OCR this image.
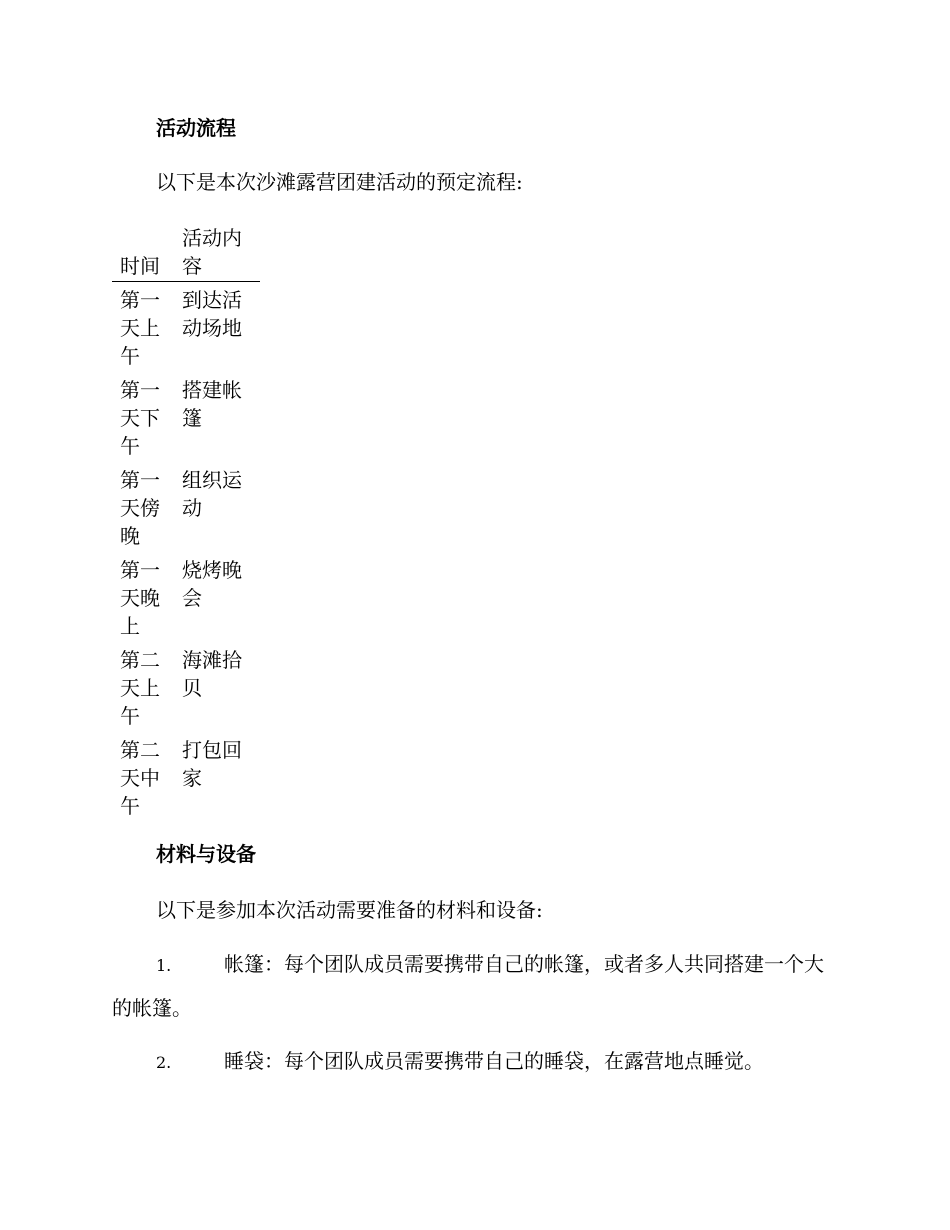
活动流程

以下是本次沙滩露营团建活动的预定流程:

时间	活动内容
第一天上午	到达活动场地
第一天下午	搭建帐篷
第一天傍晚	组织运动
第一天晚上	烧烤晚会
第二天上午	海滩拾贝
第二天中午	打包回家
材料与设备

以下是参加本次活动需要准备的材料和设备:

1.	帐篷：每个团队成员需要携带自己的帐篷，或者多人共同搭建一个大的帐篷。

2.	睡袋：每个团队成员需要携带自己的睡袋，在露营地点睡觉。
